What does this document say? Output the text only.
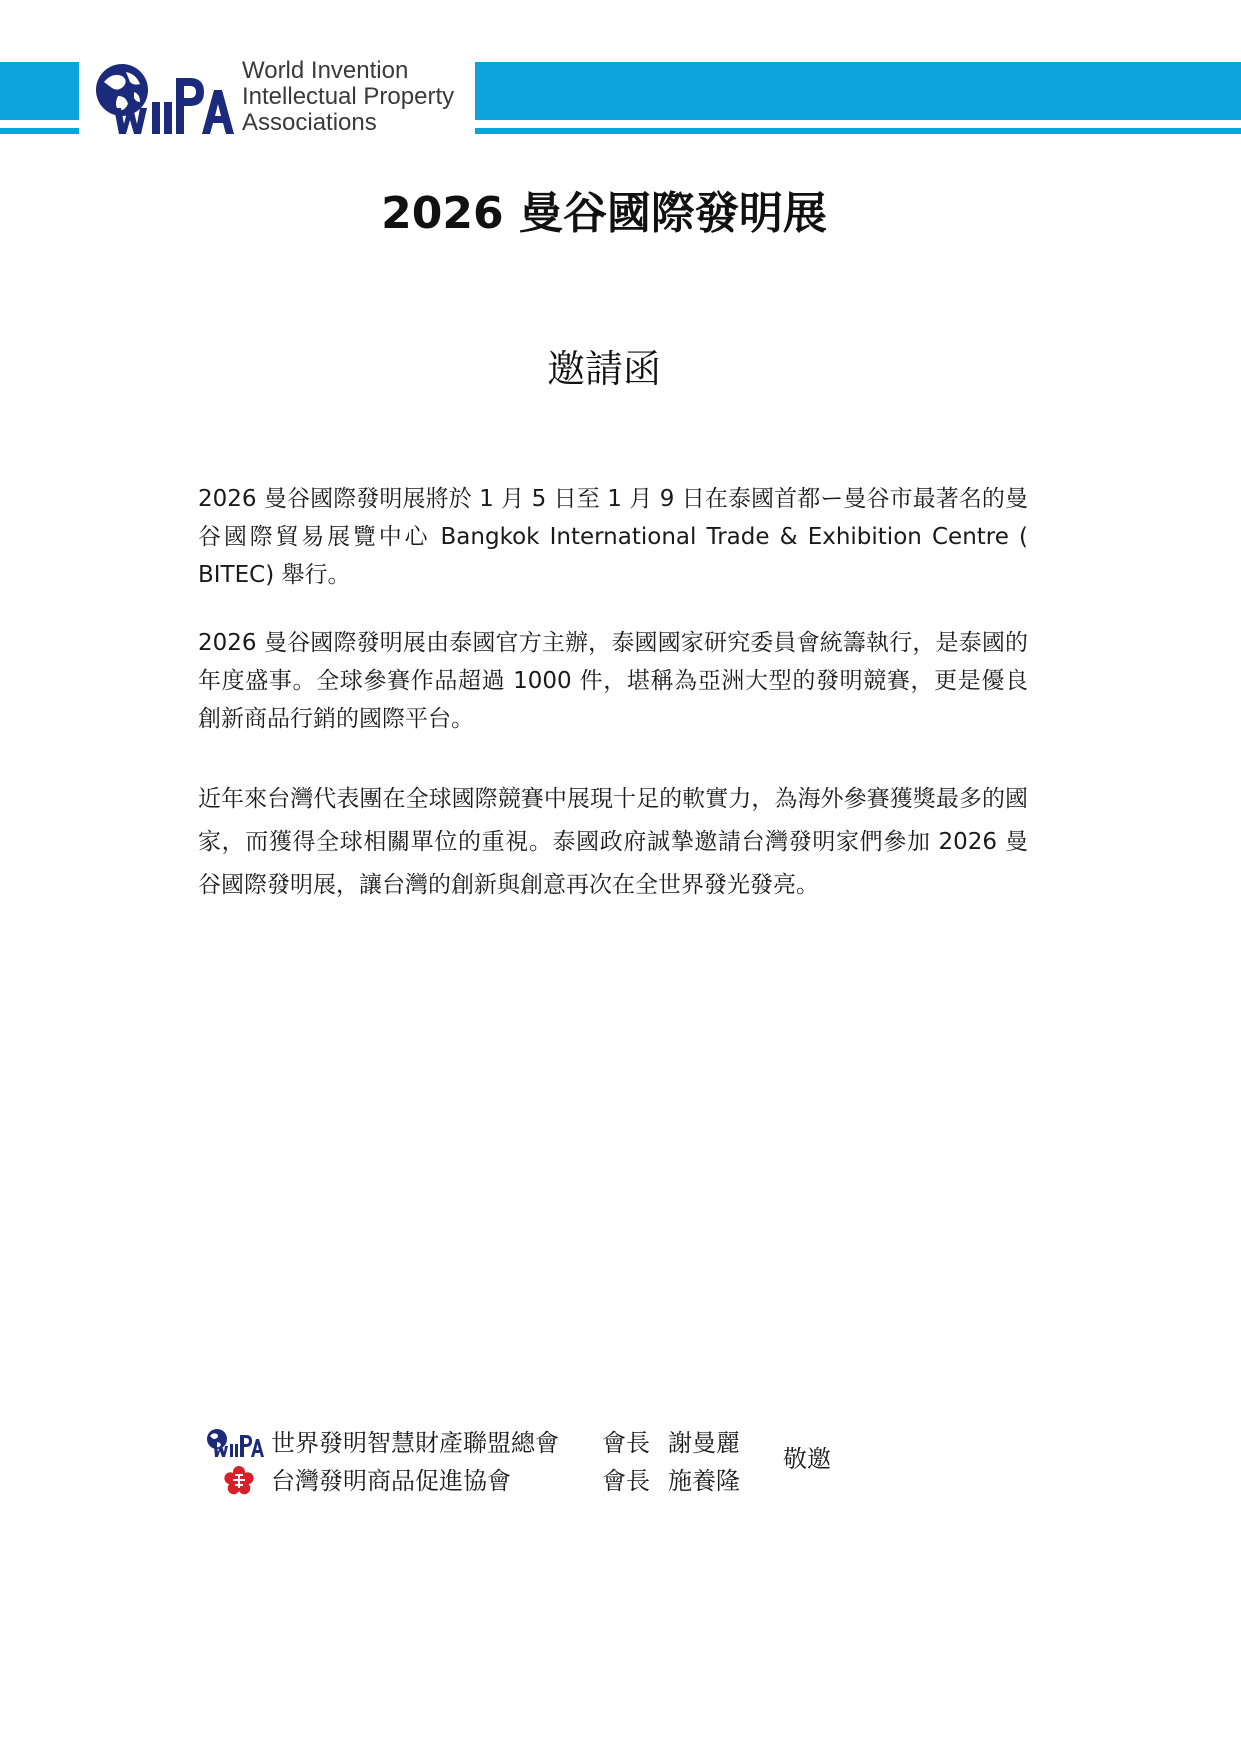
World Invention
Intellectual Property
Associations
2026 曼谷國際發明展
邀請函

2026 曼谷國際發明展將於 1 月 5 日至 1 月 9 日在泰國首都ー曼谷市最著名的曼谷國際貿易展覽中心 Bangkok International Trade & Exhibition Centre ( BITEC) 舉行。

2026 曼谷國際發明展由泰國官方主辦，泰國國家研究委員會統籌執行，是泰國的年度盛事。全球參賽作品超過 1000 件，堪稱為亞洲大型的發明競賽，更是優良創新商品行銷的國際平台。

近年來台灣代表團在全球國際競賽中展現十足的軟實力，為海外參賽獲獎最多的國家，而獲得全球相關單位的重視。泰國政府誠摯邀請台灣發明家們參加 2026 曼谷國際發明展，讓台灣的創新與創意再次在全世界發光發亮。

世界發明智慧財產聯盟總會 會長 謝曼麗
台灣發明商品促進協會	會長 施養隆
敬邀
